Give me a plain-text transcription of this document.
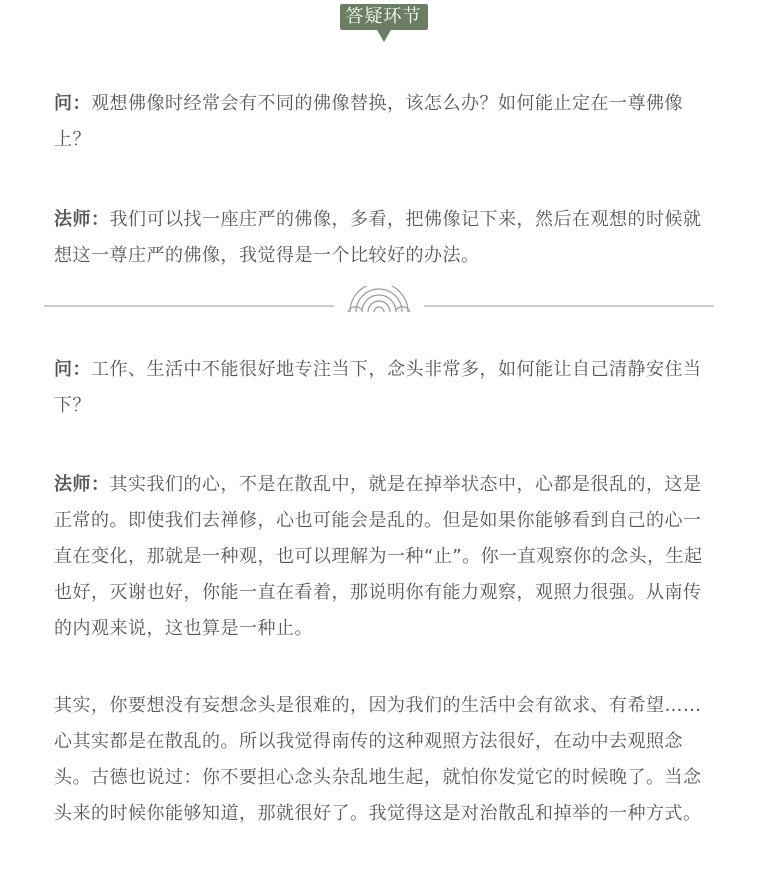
答疑环节
问：观想佛像时经常会有不同的佛像替换，该怎么办？如何能止定在一尊佛像上？
法师：我们可以找一座庄严的佛像，多看，把佛像记下来，然后在观想的时候就想这一尊庄严的佛像，我觉得是一个比较好的办法。
问：工作、生活中不能很好地专注当下，念头非常多，如何能让自己清静安住当下？
法师：其实我们的心，不是在散乱中，就是在掉举状态中，心都是很乱的，这是正常的。即使我们去禅修，心也可能会是乱的。但是如果你能够看到自己的心一直在变化，那就是一种观，也可以理解为一种“止”。你一直观察你的念头，生起也好，灭谢也好，你能一直在看着，那说明你有能力观察，观照力很强。从南传的内观来说，这也算是一种止。
其实，你要想没有妄想念头是很难的，因为我们的生活中会有欲求、有希望……心其实都是在散乱的。所以我觉得南传的这种观照方法很好，在动中去观照念头。古德也说过：你不要担心念头杂乱地生起，就怕你发觉它的时候晚了。当念头来的时候你能够知道，那就很好了。我觉得这是对治散乱和掉举的一种方式。
